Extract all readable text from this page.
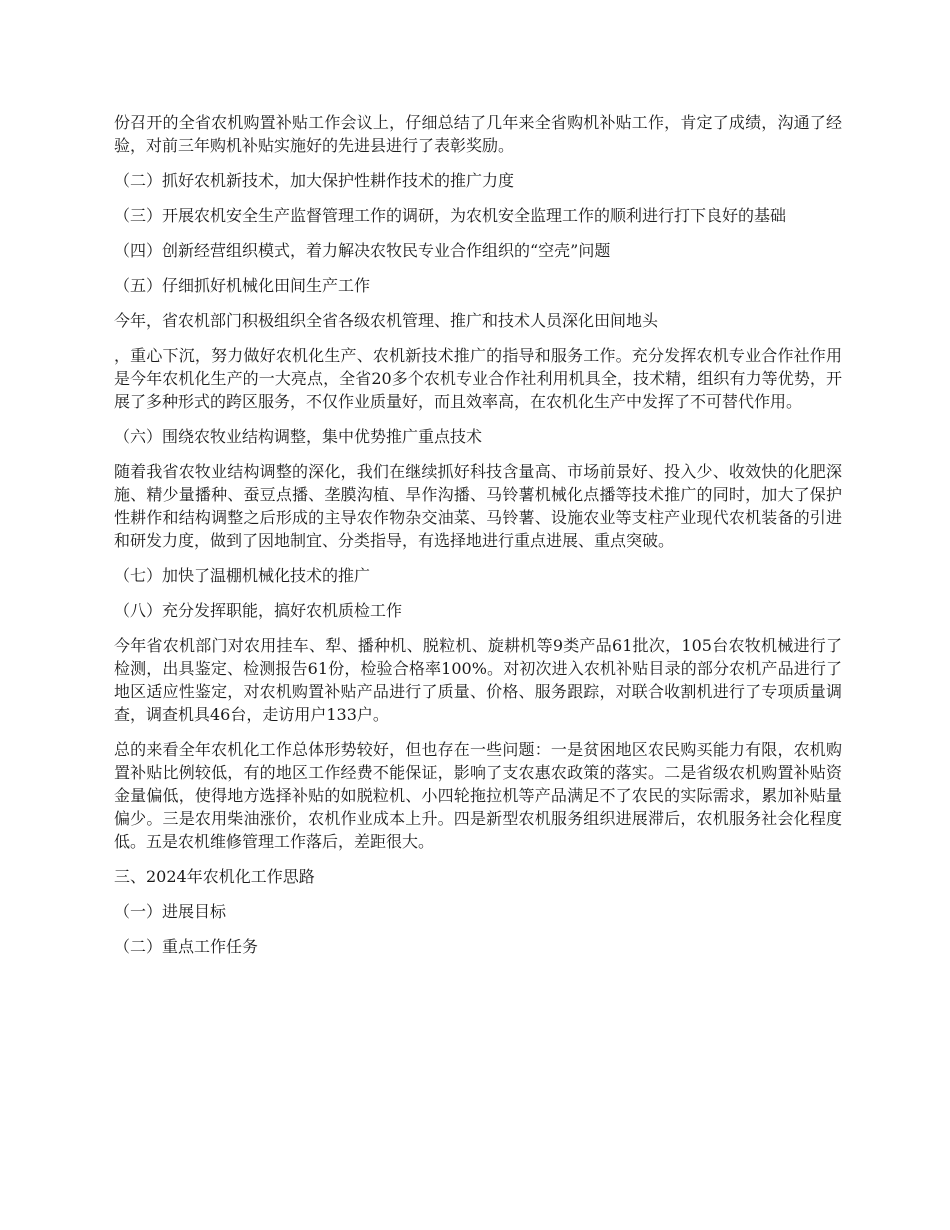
份召开的全省农机购置补贴工作会议上，仔细总结了几年来全省购机补贴工作，肯定了成绩，沟通了经验，对前三年购机补贴实施好的先进县进行了表彰奖励。

（二）抓好农机新技术，加大保护性耕作技术的推广力度

（三）开展农机安全生产监督管理工作的调研，为农机安全监理工作的顺利进行打下良好的基础

（四）创新经营组织模式，着力解决农牧民专业合作组织的“空壳”问题

（五）仔细抓好机械化田间生产工作

今年，省农机部门积极组织全省各级农机管理、推广和技术人员深化田间地头

，重心下沉，努力做好农机化生产、农机新技术推广的指导和服务工作。充分发挥农机专业合作社作用是今年农机化生产的一大亮点，全省20多个农机专业合作社利用机具全，技术精，组织有力等优势，开展了多种形式的跨区服务，不仅作业质量好，而且效率高，在农机化生产中发挥了不可替代作用。

（六）围绕农牧业结构调整，集中优势推广重点技术

随着我省农牧业结构调整的深化，我们在继续抓好科技含量高、市场前景好、投入少、收效快的化肥深施、精少量播种、蚕豆点播、垄膜沟植、旱作沟播、马铃薯机械化点播等技术推广的同时，加大了保护性耕作和结构调整之后形成的主导农作物杂交油菜、马铃薯、设施农业等支柱产业现代农机装备的引进和研发力度，做到了因地制宜、分类指导，有选择地进行重点进展、重点突破。

（七）加快了温棚机械化技术的推广

（八）充分发挥职能，搞好农机质检工作

今年省农机部门对农用挂车、犁、播种机、脱粒机、旋耕机等9类产品61批次，105台农牧机械进行了检测，出具鉴定、检测报告61份，检验合格率100%。对初次进入农机补贴目录的部分农机产品进行了地区适应性鉴定，对农机购置补贴产品进行了质量、价格、服务跟踪，对联合收割机进行了专项质量调查，调查机具46台，走访用户133户。

总的来看全年农机化工作总体形势较好，但也存在一些问题：一是贫困地区农民购买能力有限，农机购置补贴比例较低，有的地区工作经费不能保证，影响了支农惠农政策的落实。二是省级农机购置补贴资金量偏低，使得地方选择补贴的如脱粒机、小四轮拖拉机等产品满足不了农民的实际需求，累加补贴量偏少。三是农用柴油涨价，农机作业成本上升。四是新型农机服务组织进展滞后，农机服务社会化程度低。五是农机维修管理工作落后，差距很大。

三、2024年农机化工作思路

（一）进展目标

（二）重点工作任务
